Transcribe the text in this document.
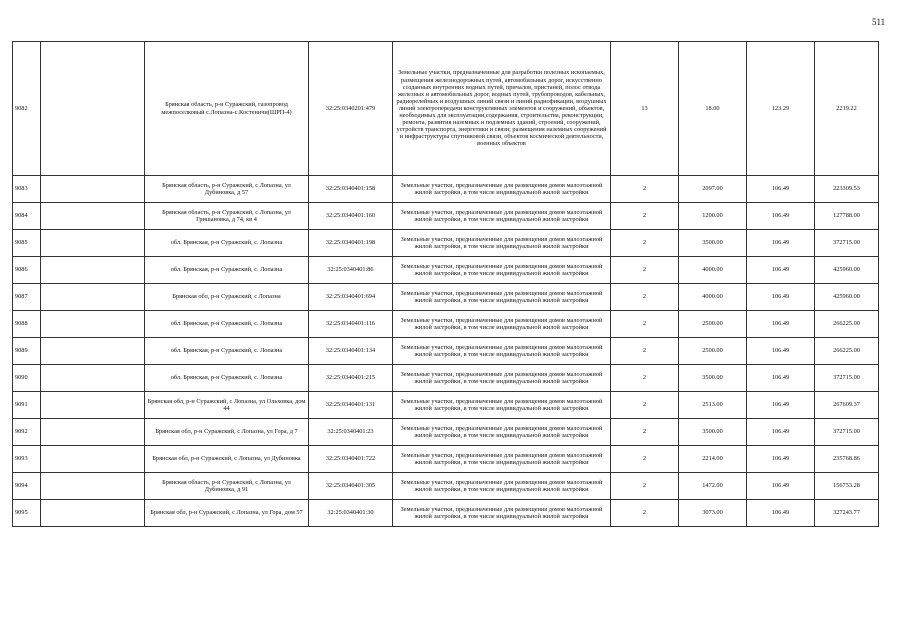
511
9082		Брянская область, р-н Суражский, газопровод межпоселковый с.Лопазна-с.Костеничи(ШРП-4)	32:25:0340201:479	Земельные участки, предназначенные для разработки полезных ископаемых, размещения железнодорожных путей, автомобильных дорог, искусственно созданных внутренних водных путей, причалов, пристаней, полос отвода железных и автомобильных дорог, водных путей, трубопроводов, кабельных, радиорелейных и воздушных линий связи и линий радиофикации, воздушных линий электропередачи конструктивных элементов и сооружений, объектов, необходимых для эксплуатации,содержания, строительства, реконструкции, ремонта, развития наземных и подземных зданий, строений, сооружений, устройств транспорта, энергетики и связи; размещения наземных сооружений и инфраструктуры спутниковой связи, объектов космической деятельности, военных объектов	13	18.00	123.29	2219.22
9083		Брянская область, р-н Суражский, с Лопазна, ул Дубиновка, д 57	32:25:0340401:158	Земельные участки, предназначенные для размещения домов малоэтажной жилой застройки, в том числе индивидуальной жилой застройки	2	2097.00	106.49	223309.53
9084		Брянская область, р-н Суражский, с Лопазна, ул Гришановка, д 74, кв 4	32:25:0340401:160	Земельные участки, предназначенные для размещения домов малоэтажной жилой застройки, в том числе индивидуальной жилой застройки	2	1200.00	106.49	127788.00
9085		обл. Брянская, р-н Суражский, с. Лопазна	32:25:0340401:198	Земельные участки, предназначенные для размещения домов малоэтажной жилой застройки, в том числе индивидуальной жилой застройки	2	3500.00	106.49	372715.00
9086		обл. Брянская, р-н Суражский, с. Лопазна	32:25:0340401:86	Земельные участки, предназначенные для размещения домов малоэтажной жилой застройки, в том числе индивидуальной жилой застройки	2	4000.00	106.49	425960.00
9087		Брянская обл, р-н Суражский, с Лопазна	32:25:0340401:694	Земельные участки, предназначенные для размещения домов малоэтажной жилой застройки, в том числе индивидуальной жилой застройки	2	4000.00	106.49	425960.00
9088		обл. Брянская, р-н Суражский, с. Лопазна	32:25:0340401:116	Земельные участки, предназначенные для размещения домов малоэтажной жилой застройки, в том числе индивидуальной жилой застройки	2	2500.00	106.49	266225.00
9089		обл. Брянская, р-н Суражский, с. Лопазна	32:25:0340401:134	Земельные участки, предназначенные для размещения домов малоэтажной жилой застройки, в том числе индивидуальной жилой застройки	2	2500.00	106.49	266225.00
9090		обл. Брянская, р-н Суражский, с. Лопазна	32:25:0340401:215	Земельные участки, предназначенные для размещения домов малоэтажной жилой застройки, в том числе индивидуальной жилой застройки	2	3500.00	106.49	372715.00
9091		Брянская обл, р-н Суражский, с Лопазна, ул Ольховка, дом 44	32:25:0340401:131	Земельные участки, предназначенные для размещения домов малоэтажной жилой застройки, в том числе индивидуальной жилой застройки	2	2513.00	106.49	267609.37
9092		Брянская обл, р-н Суражский, с Лопазна, ул Гора, д 7	32:25:0340401:23	Земельные участки, предназначенные для размещения домов малоэтажной жилой застройки, в том числе индивидуальной жилой застройки	2	3500.00	106.49	372715.00
9093		Брянская обл, р-н Суражский, с Лопазна, ул Дубиновка	32:25:0340401:722	Земельные участки, предназначенные для размещения домов малоэтажной жилой застройки, в том числе индивидуальной жилой застройки	2	2214.00	106.49	235768.86
9094		Брянская область, р-н Суражский, с Лопазна, ул Дубиновка, д 91	32:25:0340401:305	Земельные участки, предназначенные для размещения домов малоэтажной жилой застройки, в том числе индивидуальной жилой застройки	2	1472.00	106.49	156753.28
9095		Брянская обл, р-н Суражский, с Лопазна, ул Гора, дом 57	32:25:0340401:30	Земельные участки, предназначенные для размещения домов малоэтажной жилой застройки, в том числе индивидуальной жилой застройки	2	3073.00	106.49	327243.77
